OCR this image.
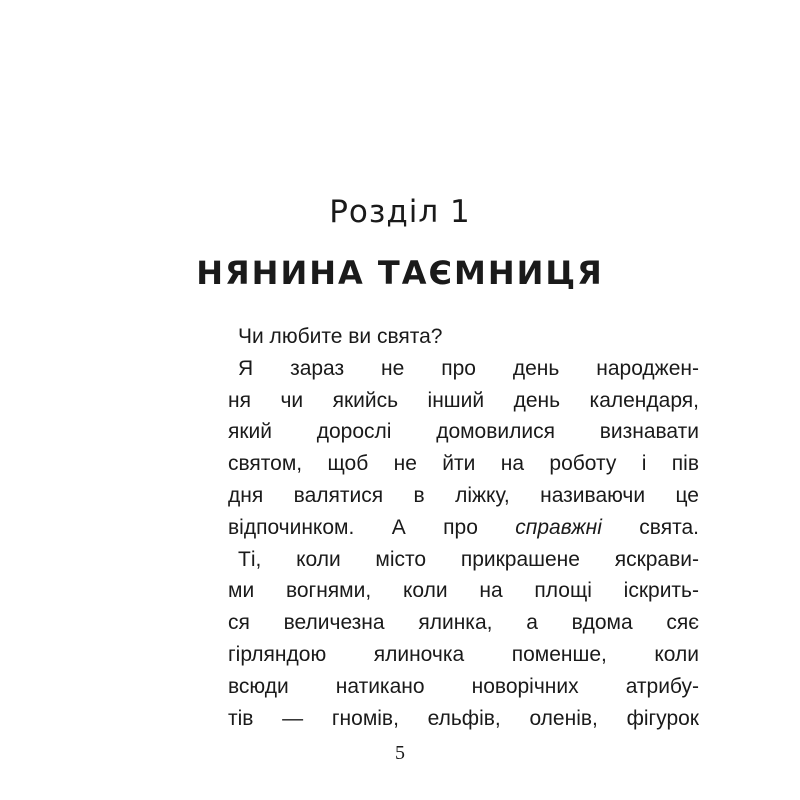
Розділ 1
НЯНИНА ТАЄМНИЦЯ
Чи любите ви свята?
Я зараз не про день народжен-
ня чи якийсь інший день календаря,
який дорослі домовилися визнавати
святом, щоб не йти на роботу і пів
дня валятися в ліжку, називаючи це
відпочинком. А про справжні свята.
Ті, коли місто прикрашене яскрави-
ми вогнями, коли на площі іскрить-
ся величезна ялинка, а вдома сяє
гірляндою ялиночка поменше, коли
всюди натикано новорічних атрибу-
тів — гномів, ельфів, оленів, фігурок
5
